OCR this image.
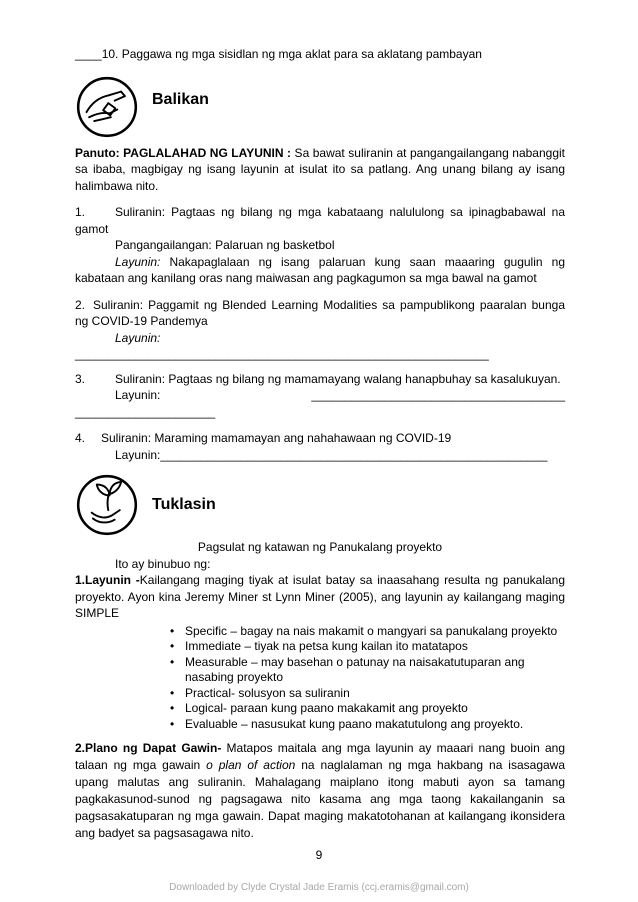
____10. Paggawa ng mga sisidlan ng mga aklat para sa aklatang pambayan

Balikan

Panuto: PAGLALAHAD NG LAYUNIN : Sa bawat suliranin at pangangailangang nabanggit sa ibaba, magbigay ng isang layunin at isulat ito sa patlang. Ang unang bilang ay isang halimbawa nito.

1. Suliranin: Pagtaas ng bilang ng mga kabataang nalululong sa ipinagbabawal na gamot

Pangangailangan: Palaruan ng basketbol

Layunin: Nakapaglalaan ng isang palaruan kung saan maaaring gugulin ng kabataan ang kanilang oras nang maiwasan ang pagkagumon sa mga bawal na gamot

2. Suliranin: Paggamit ng Blended Learning Modalities sa pampublikong paaralan bunga ng COVID-19 Pandemya

Layunin:

______________________________________________________________

3. Suliranin: Pagtaas ng bilang ng mamamayang walang hanapbuhay sa kasalukuyan.

Layunin:	______________________________________

_____________________

4. Suliranin: Maraming mamamayan ang nahahawaan ng COVID-19

Layunin:__________________________________________________________

Tuklasin

Pagsulat ng katawan ng Panukalang proyekto

Ito ay binubuo ng:

1.Layunin -Kailangang maging tiyak at isulat batay sa inaasahang resulta ng panukalang proyekto. Ayon kina Jeremy Miner st Lynn Miner (2005), ang layunin ay kailangang maging SIMPLE

• Specific – bagay na nais makamit o mangyari sa panukalang proyekto
• Immediate – tiyak na petsa kung kailan ito matatapos
• Measurable – may basehan o patunay na naisakatutuparan ang nasabing proyekto
• Practical- solusyon sa suliranin
• Logical- paraan kung paano makakamit ang proyekto
• Evaluable – nasusukat kung paano makatutulong ang proyekto.

2.Plano ng Dapat Gawin- Matapos maitala ang mga layunin ay maaari nang buoin ang talaan ng mga gawain o plan of action na naglalaman ng mga hakbang na isasagawa upang malutas ang suliranin. Mahalagang maiplano itong mabuti ayon sa tamang pagkakasunod-sunod ng pagsagawa nito kasama ang mga taong kakailanganin sa pagsasakatuparan ng mga gawain. Dapat maging makatotohanan at kailangang ikonsidera ang badyet sa pagsasagawa nito.

9
Downloaded by Clyde Crystal Jade Eramis (ccj.eramis@gmail.com)
